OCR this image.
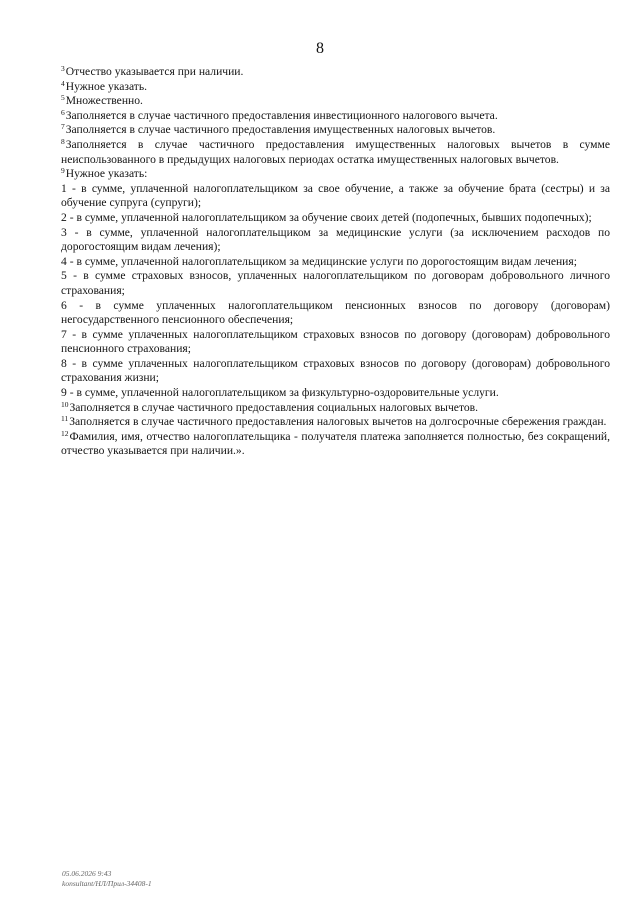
8

$^3$Отчество указывается при наличии.

$^4$Нужное указать.

$^5$Множественно.

$^6$Заполняется в случае частичного предоставления инвестиционного налогового вычета.

$^7$Заполняется в случае частичного предоставления имущественных налоговых вычетов.

$^8$Заполняется в случае частичного предоставления имущественных налоговых вычетов в сумме неиспользованного в предыдущих налоговых периодах остатка имущественных налоговых вычетов.

$^9$Нужное указать:

1 - в сумме, уплаченной налогоплательщиком за свое обучение, а также за обучение брата (сестры) и за обучение супруга (супруги);

2 - в сумме, уплаченной налогоплательщиком за обучение своих детей (подопечных, бывших подопечных);

3 - в сумме, уплаченной налогоплательщиком за медицинские услуги (за исключением расходов по дорогостоящим видам лечения);

4 - в сумме, уплаченной налогоплательщиком за медицинские услуги по дорогостоящим видам лечения;

5 - в сумме страховых взносов, уплаченных налогоплательщиком по договорам добровольного личного страхования;

6 - в сумме уплаченных налогоплательщиком пенсионных взносов по договору (договорам) негосударственного пенсионного обеспечения;

7 - в сумме уплаченных налогоплательщиком страховых взносов по договору (договорам) добровольного пенсионного страхования;

8 - в сумме уплаченных налогоплательщиком страховых взносов по договору (договорам) добровольного страхования жизни;

9 - в сумме, уплаченной налогоплательщиком за физкультурно-оздоровительные услуги.

$^{10}$Заполняется в случае частичного предоставления социальных налоговых вычетов.

$^{11}$Заполняется в случае частичного предоставления налоговых вычетов на долгосрочные сбережения граждан.

$^{12}$Фамилия, имя, отчество налогоплательщика - получателя платежа заполняется полностью, без сокращений, отчество указывается при наличии.».

05.06.2026 9:43
konsultant/НЛ/Прил-34408-1
